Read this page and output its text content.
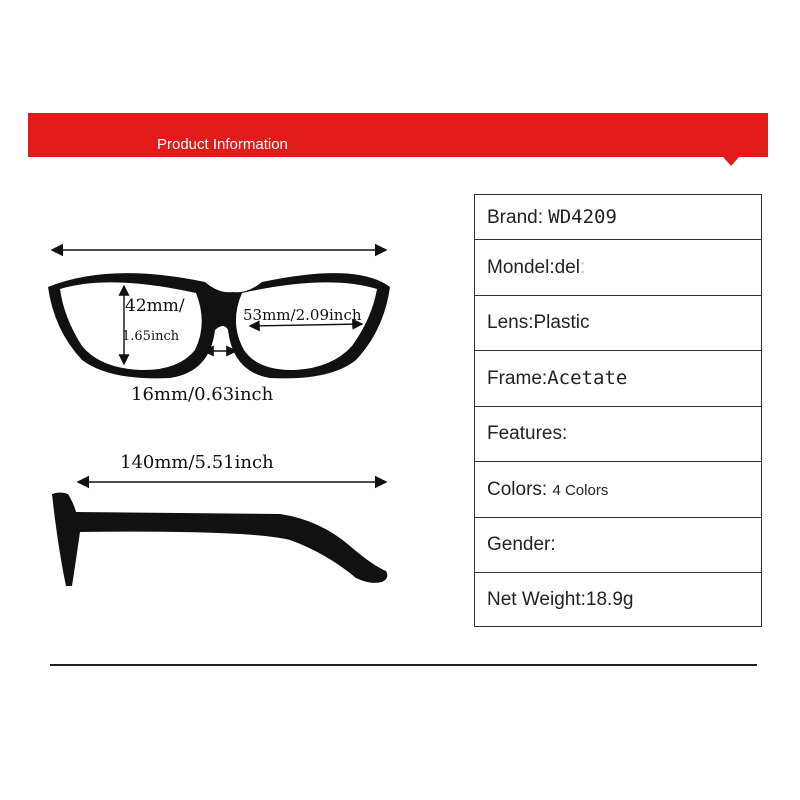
Product Information
42mm/
1.65inch
53mm/2.09inch
16mm/0.63inch
140mm/5.51inch
Brand: WD4209
Mondel:del:
Lens:Plastic
Frame:Acetate
Features:
Colors: 4 Colors
Gender:
Net Weight:18.9g
